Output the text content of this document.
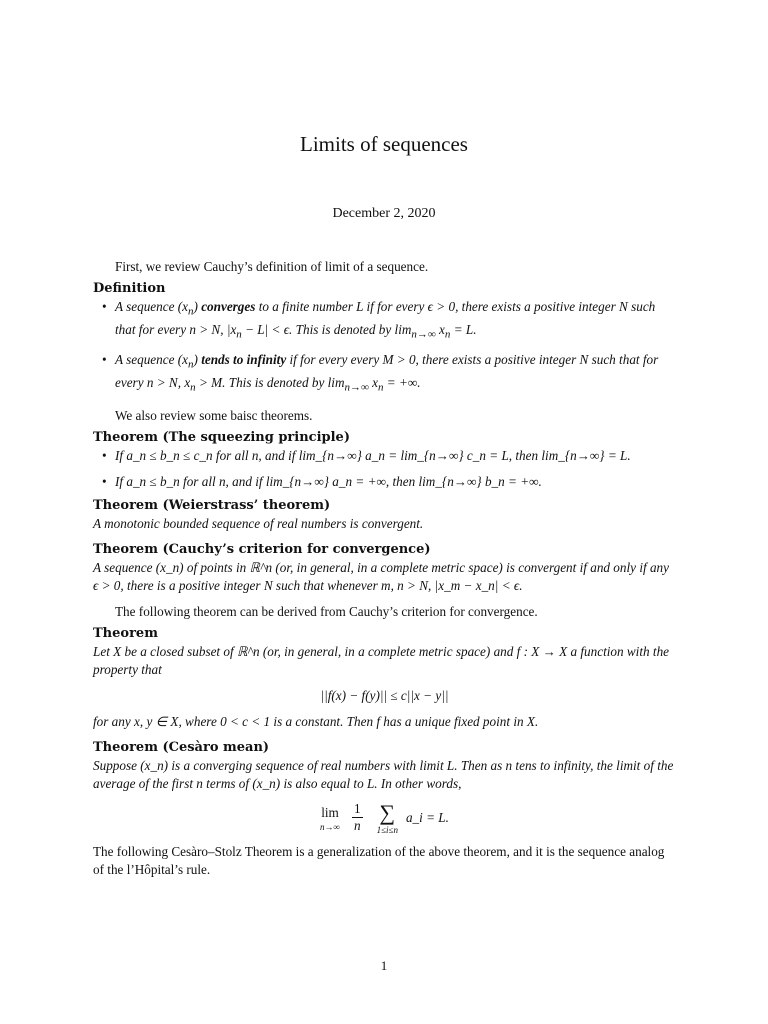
Limits of sequences
December 2, 2020

First, we review Cauchy’s definition of limit of a sequence.

Definition
• A sequence $(x_n)$ converges to a finite number L if for every ϵ > 0, there exists a positive integer N such that for every n > N, $|x_n - L| < \epsilon$. This is denoted by $\lim_{n\to\infty} x_n = L$.
• A sequence $(x_n)$ tends to infinity if for every every M > 0, there exists a positive integer N such that for every n > N, $x_n > M$. This is denoted by $\lim_{n\to\infty} x_n$ = +∞.

We also review some baisc theorems.

Theorem (The squeezing principle)
• If a_n ≤ b_n ≤ c_n for all n, and if lim_{n→∞} a_n = lim_{n→∞} c_n = L, then lim_{n→∞} = L.
• If a_n ≤ b_n for all n, and if lim_{n→∞} a_n = +∞, then lim_{n→∞} b_n = +∞.
Theorem (Weierstrass’ theorem)

A monotonic bounded sequence of real numbers is convergent.

Theorem (Cauchy’s criterion for convergence)

A sequence (x_n) of points in ℝ^n (or, in general, in a complete metric space) is convergent if and only if any ϵ > 0, there is a positive integer N such that whenever m, n > N, |x_m − x_n| < ϵ.

The following theorem can be derived from Cauchy’s criterion for convergence.

Theorem

Let X be a closed subset of ℝ^n (or, in general, in a complete metric space) and f : X → X a function with the property that

||f(x) − f(y)|| ≤ c||x − y||

for any x, y ∈ X, where 0 < c < 1 is a constant. Then f has a unique fixed point in X.

Theorem (Cesàro mean)

Suppose (x_n) is a converging sequence of real numbers with limit L. Then as n tens to infinity, the limit of the average of the first n terms of (x_n) is also equal to L. In other words,

lim
$n\to\infty \frac{1}{n}$ ∑
1≤i≤n
a_i = L.

The following Cesàro–Stolz Theorem is a generalization of the above theorem, and it is the sequence analog of the l’Hôpital’s rule.

1
